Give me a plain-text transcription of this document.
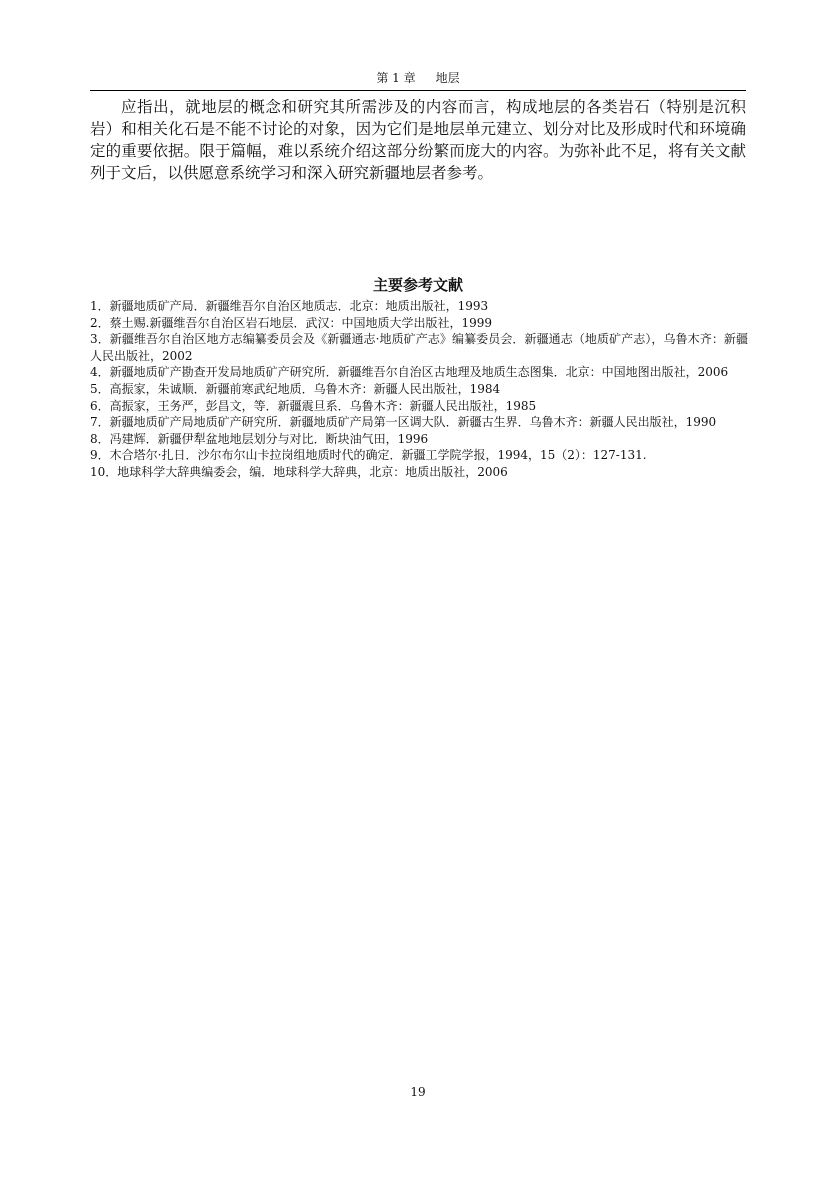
第 1 章 地层

应指出，就地层的概念和研究其所需涉及的内容而言，构成地层的各类岩石（特别是沉积岩）和相关化石是不能不讨论的对象，因为它们是地层单元建立、划分对比及形成时代和环境确定的重要依据。限于篇幅，难以系统介绍这部分纷繁而庞大的内容。为弥补此不足，将有关文献列于文后，以供愿意系统学习和深入研究新疆地层者参考。

主要参考文献
1．新疆地质矿产局．新疆维吾尔自治区地质志．北京：地质出版社，1993
2．蔡土赐.新疆维吾尔自治区岩石地层．武汉：中国地质大学出版社，1999
3．新疆维吾尔自治区地方志编纂委员会及《新疆通志·地质矿产志》编纂委员会．新疆通志（地质矿产志），乌鲁木齐：新疆人民出版社，2002
4．新疆地质矿产勘查开发局地质矿产研究所．新疆维吾尔自治区古地理及地质生态图集．北京：中国地图出版社，2006
5．高振家，朱诚顺．新疆前寒武纪地质．乌鲁木齐：新疆人民出版社，1984
6．高振家，王务严，彭昌文，等．新疆震旦系．乌鲁木齐：新疆人民出版社，1985
7．新疆地质矿产局地质矿产研究所．新疆地质矿产局第一区调大队．新疆古生界．乌鲁木齐：新疆人民出版社，1990
8．冯建辉．新疆伊犁盆地地层划分与对比．断块油气田，1996
9．木合塔尔·扎日．沙尔布尔山卡拉岗组地质时代的确定．新疆工学院学报，1994，15（2）：127-131.
10．地球科学大辞典编委会，编．地球科学大辞典，北京：地质出版社，2006
19
